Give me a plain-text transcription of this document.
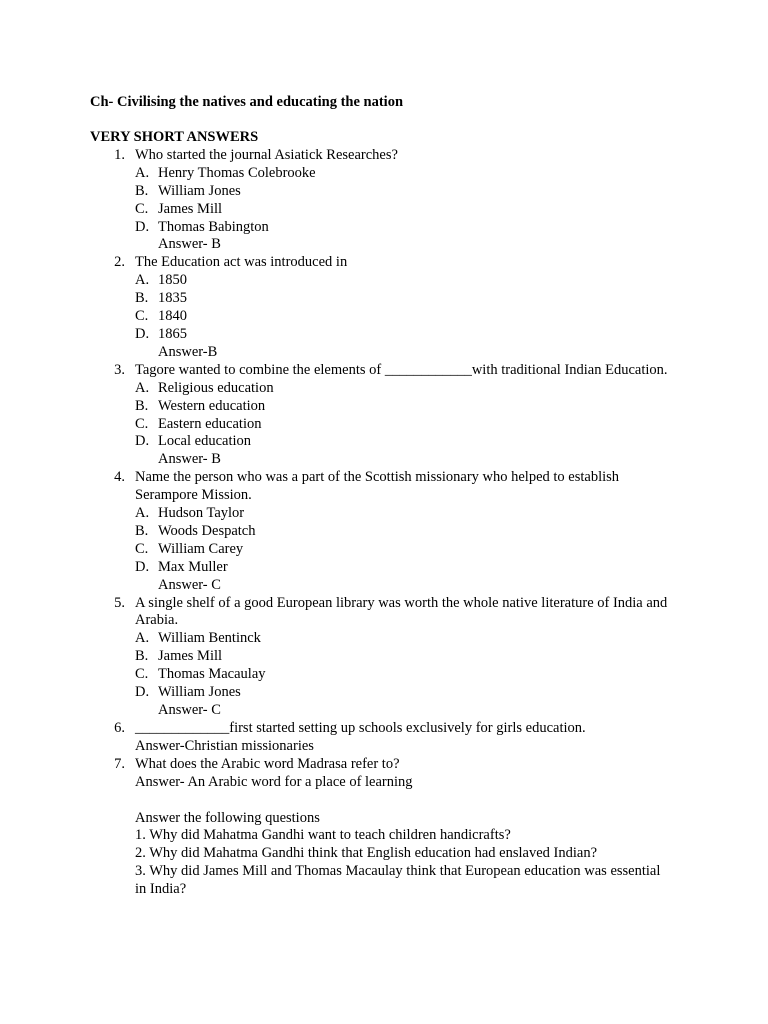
Ch- Civilising the natives and educating the nation
VERY SHORT ANSWERS
1. Who started the journal Asiatick Researches?
A. Henry Thomas Colebrooke
B. William Jones
C. James Mill
D. Thomas Babington
Answer- B
2. The Education act was introduced in
A. 1850
B. 1835
C. 1840
D. 1865
Answer-B
3. Tagore wanted to combine the elements of ____________with traditional Indian Education.
A. Religious education
B. Western education
C. Eastern education
D. Local education
Answer- B
4. Name the person who was a part of the Scottish missionary who helped to establish Serampore Mission.
A. Hudson Taylor
B. Woods Despatch
C. William Carey
D. Max Muller
Answer- C
5. A single shelf of a good European library was worth the whole native literature of India and Arabia.
A. William Bentinck
B. James Mill
C. Thomas Macaulay
D. William Jones
Answer- C
6. _____________first started setting up schools exclusively for girls education.
Answer-Christian missionaries
7. What does the Arabic word Madrasa refer to?
Answer- An Arabic word for a place of learning
Answer the following questions
1. Why did Mahatma Gandhi want to teach children handicrafts?
2. Why did Mahatma Gandhi think that English education had enslaved Indian?
3. Why did James Mill and Thomas Macaulay think that European education was essential in India?
